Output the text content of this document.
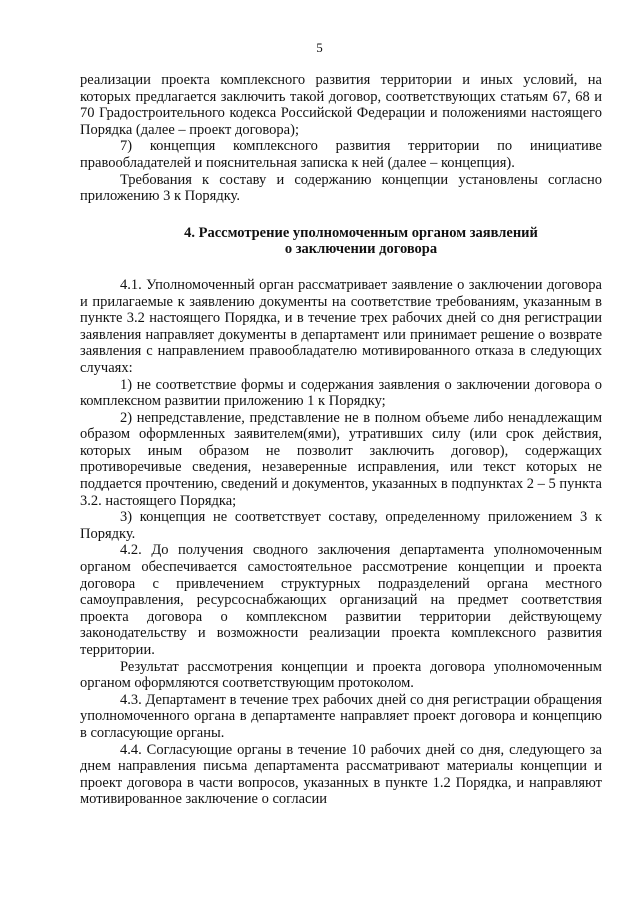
5

реализации проекта комплексного развития территории и иных условий, на которых предлагается заключить такой договор, соответствующих статьям 67, 68 и 70 Градостроительного кодекса Российской Федерации и положениями настоящего Порядка (далее – проект договора);

7) концепция комплексного развития территории по инициативе правообладателей и пояснительная записка к ней (далее – концепция).

Требования к составу и содержанию концепции установлены согласно приложению 3 к Порядку.

4. Рассмотрение уполномоченным органом заявлений
о заключении договора

4.1. Уполномоченный орган рассматривает заявление о заключении договора и прилагаемые к заявлению документы на соответствие требованиям, указанным в пункте 3.2 настоящего Порядка, и в течение трех рабочих дней со дня регистрации заявления направляет документы в департамент или принимает решение о возврате заявления с направлением правообладателю мотивированного отказа в следующих случаях:

1) не соответствие формы и содержания заявления о заключении договора о комплексном развитии приложению 1 к Порядку;

2) непредставление, представление не в полном объеме либо ненадлежащим образом оформленных заявителем(ями), утративших силу (или срок действия, которых иным образом не позволит заключить договор), содержащих противоречивые сведения, незаверенные исправления, или текст которых не поддается прочтению, сведений и документов, указанных в подпунктах 2 – 5 пункта 3.2. настоящего Порядка;

3) концепция не соответствует составу, определенному приложением 3 к Порядку.

4.2. До получения сводного заключения департамента уполномоченным органом обеспечивается самостоятельное рассмотрение концепции и проекта договора с привлечением структурных подразделений органа местного самоуправления, ресурсоснабжающих организаций на предмет соответствия проекта договора о комплексном развитии территории действующему законодательству и возможности реализации проекта комплексного развития территории.

Результат рассмотрения концепции и проекта договора уполномоченным органом оформляются соответствующим протоколом.

4.3. Департамент в течение трех рабочих дней со дня регистрации обращения уполномоченного органа в департаменте направляет проект договора и концепцию в согласующие органы.

4.4. Согласующие органы в течение 10 рабочих дней со дня, следующего за днем направления письма департамента рассматривают материалы концепции и проект договора в части вопросов, указанных в пункте 1.2 Порядка, и направляют мотивированное заключение о согласии
